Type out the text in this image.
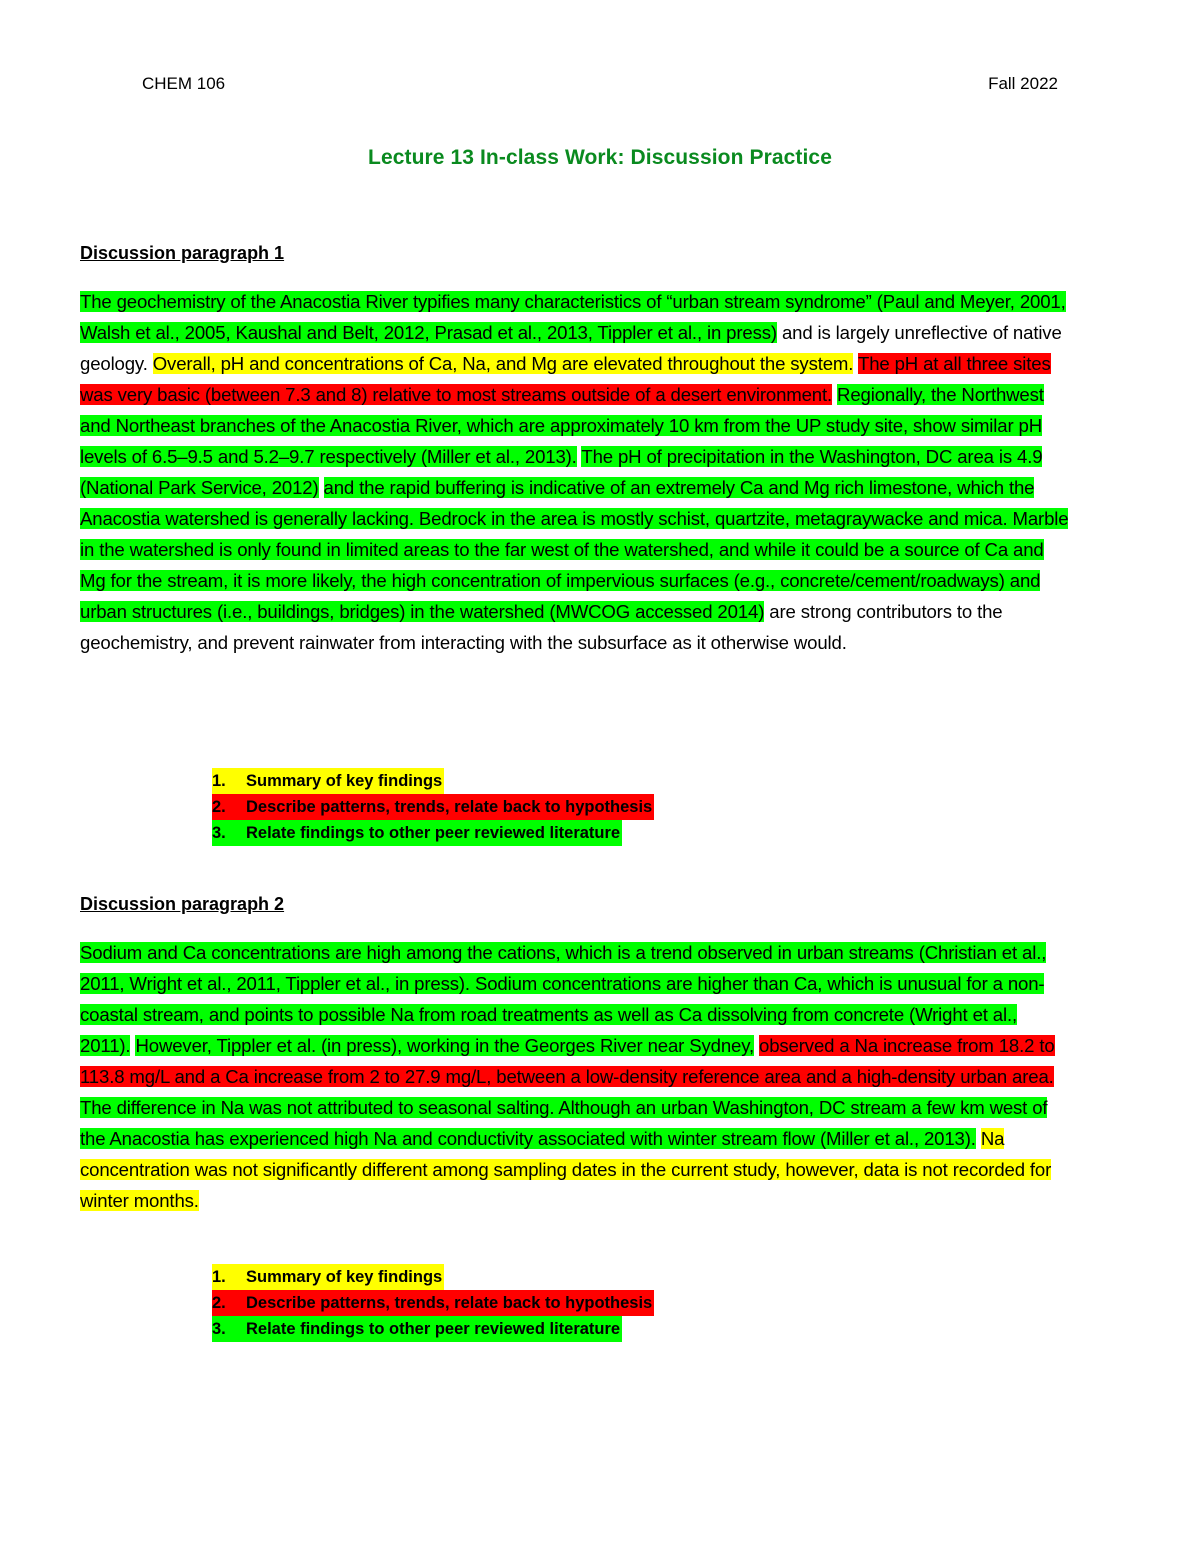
CHEM 106	Fall 2022
Lecture 13 In-class Work: Discussion Practice
Discussion paragraph 1
The geochemistry of the Anacostia River typifies many characteristics of “urban stream syndrome” (Paul and Meyer, 2001, Walsh et al., 2005, Kaushal and Belt, 2012, Prasad et al., 2013, Tippler et al., in press) and is largely unreflective of native geology. Overall, pH and concentrations of Ca, Na, and Mg are elevated throughout the system. The pH at all three sites was very basic (between 7.3 and 8) relative to most streams outside of a desert environment. Regionally, the Northwest and Northeast branches of the Anacostia River, which are approximately 10 km from the UP study site, show similar pH levels of 6.5–9.5 and 5.2–9.7 respectively (Miller et al., 2013). The pH of precipitation in the Washington, DC area is 4.9 (National Park Service, 2012) and the rapid buffering is indicative of an extremely Ca and Mg rich limestone, which the Anacostia watershed is generally lacking. Bedrock in the area is mostly schist, quartzite, metagraywacke and mica. Marble in the watershed is only found in limited areas to the far west of the watershed, and while it could be a source of Ca and Mg for the stream, it is more likely, the high concentration of impervious surfaces (e.g., concrete/cement/roadways) and urban structures (i.e., buildings, bridges) in the watershed (MWCOG accessed 2014) are strong contributors to the geochemistry, and prevent rainwater from interacting with the subsurface as it otherwise would.
1. Summary of key findings
2. Describe patterns, trends, relate back to hypothesis
3. Relate findings to other peer reviewed literature
Discussion paragraph 2
Sodium and Ca concentrations are high among the cations, which is a trend observed in urban streams (Christian et al., 2011, Wright et al., 2011, Tippler et al., in press). Sodium concentrations are higher than Ca, which is unusual for a non-coastal stream, and points to possible Na from road treatments as well as Ca dissolving from concrete (Wright et al., 2011). However, Tippler et al. (in press), working in the Georges River near Sydney, observed a Na increase from 18.2 to 113.8 mg/L and a Ca increase from 2 to 27.9 mg/L, between a low-density reference area and a high-density urban area. The difference in Na was not attributed to seasonal salting. Although an urban Washington, DC stream a few km west of the Anacostia has experienced high Na and conductivity associated with winter stream flow (Miller et al., 2013). Na concentration was not significantly different among sampling dates in the current study, however, data is not recorded for winter months.
1. Summary of key findings
2. Describe patterns, trends, relate back to hypothesis
3. Relate findings to other peer reviewed literature
